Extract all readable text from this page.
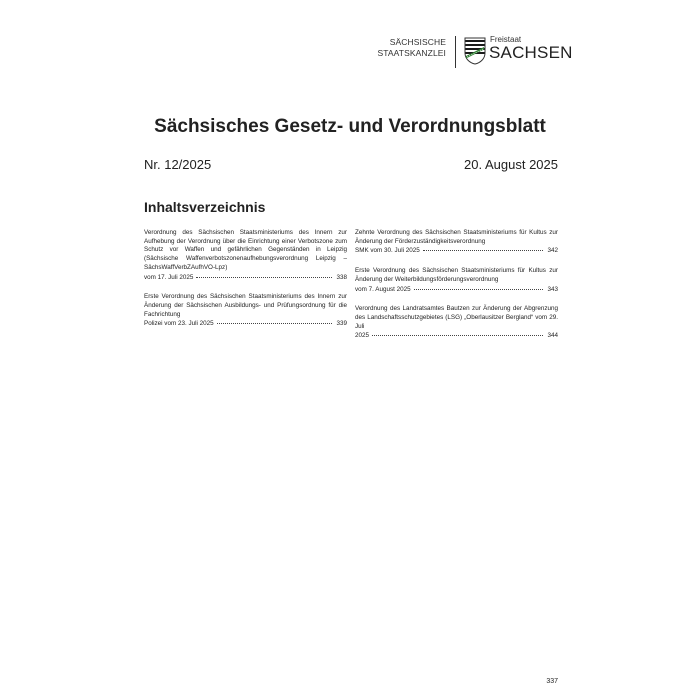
SÄCHSISCHE
STAATSKANZLEI
Freistaat
SACHSEN
Sächsisches Gesetz- und Verordnungsblatt
Nr. 12/2025	20. August 2025
Inhaltsverzeichnis
Verordnung des Sächsischen Staatsministeriums des Innern zur Aufhebung der Verordnung über die Einrichtung einer Verbotszone zum Schutz vor Waffen und gefährlichen Gegenständen in Leipzig (Sächsische Waffenverbotszonenaufhebungsverordnung Leipzig – SächsWaffVerbZAufhVO-Lpz)
vom 17. Juli 2025	338
Erste Verordnung des Sächsischen Staatsministeriums des Innern zur Änderung der Sächsischen Ausbildungs- und Prüfungsordnung für die Fachrichtung
Polizei vom 23. Juli 2025	339
Zehnte Verordnung des Sächsischen Staatsministeriums für Kultus zur Änderung der Förderzuständigkeitsverordnung
SMK vom 30. Juli 2025	342
Erste Verordnung des Sächsischen Staatsministeriums für Kultus zur Änderung der Weiterbildungsförderungsverordnung
vom 7. August 2025	343
Verordnung des Landratsamtes Bautzen zur Änderung der Abgrenzung des Landschaftsschutzgebietes (LSG) „Oberlausitzer Bergland“ vom 29. Juli
2025	344
337
